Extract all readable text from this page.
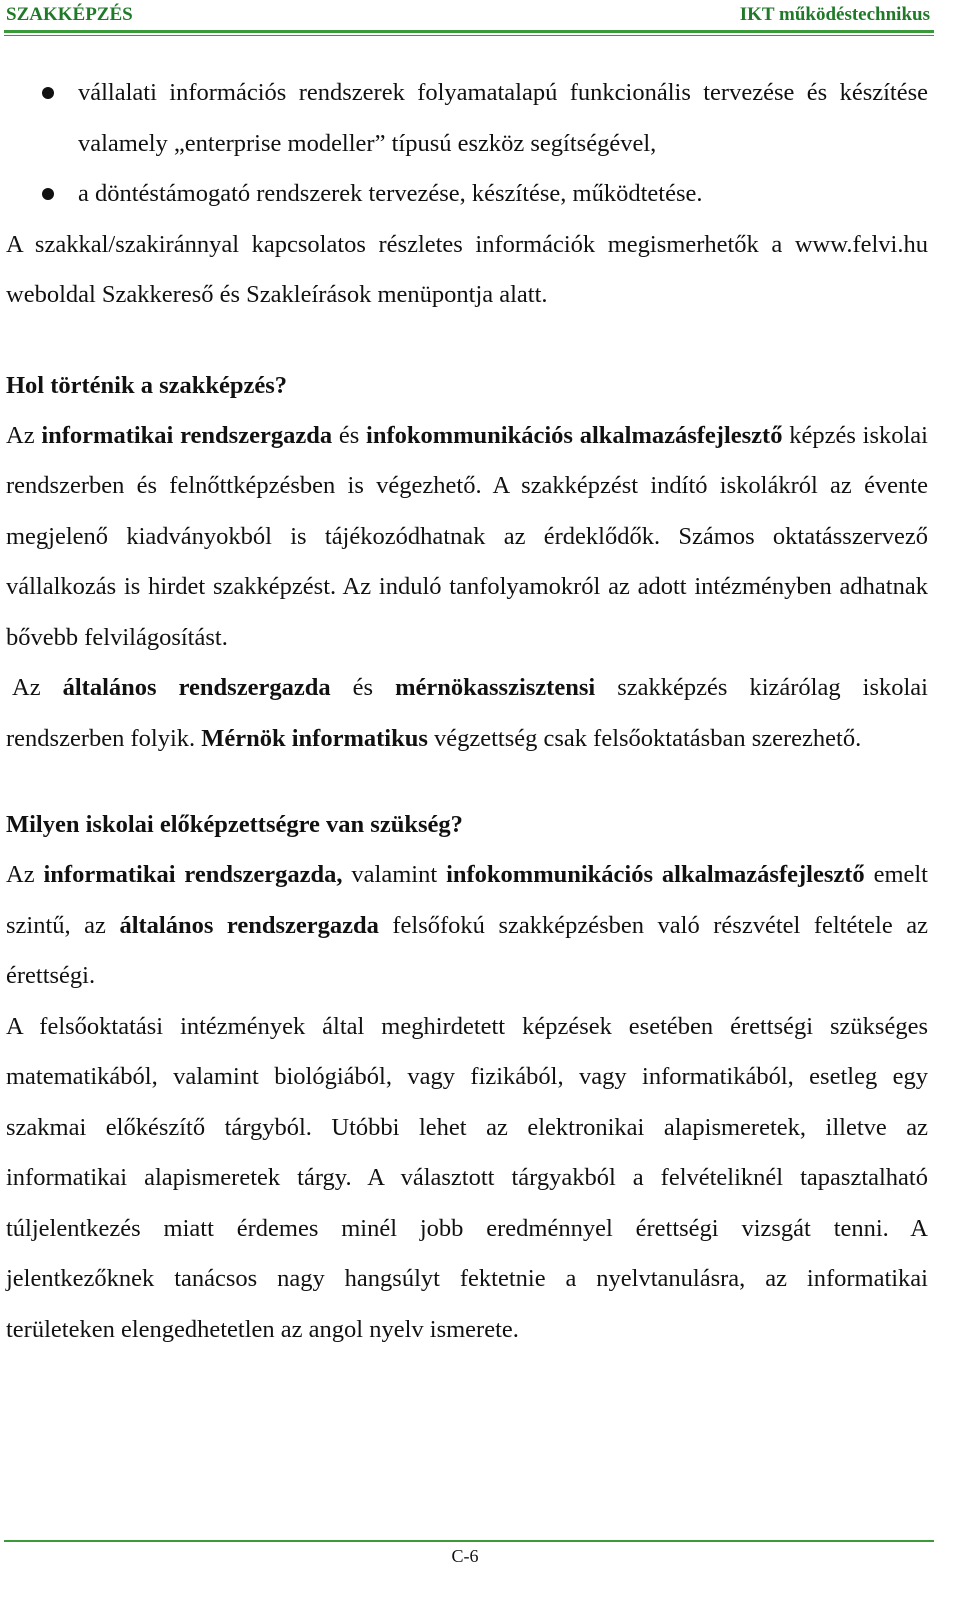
SZAKKÉPZÉS	IKT működéstechnikus
vállalati információs rendszerek folyamatalapú funkcionális tervezése és készítése valamely „enterprise modeller” típusú eszköz segítségével,
a döntéstámogató rendszerek tervezése, készítése, működtetése.

A szakkal/szakiránnyal kapcsolatos részletes információk megismerhetők a www.felvi.hu weboldal Szakkereső és Szakleírások menüpontja alatt.

Hol történik a szakképzés?

Az informatikai rendszergazda és infokommunikációs alkalmazásfejlesztő képzés iskolai rendszerben és felnőttképzésben is végezhető. A szakképzést indító iskolákról az évente megjelenő kiadványokból is tájékozódhatnak az érdeklődők. Számos oktatásszervező vállalkozás is hirdet szakképzést. Az induló tanfolyamokról az adott intézményben adhatnak bővebb felvilágosítást.

Az általános rendszergazda és mérnökasszisztensi szakképzés kizárólag iskolai rendszerben folyik. Mérnök informatikus végzettség csak felsőoktatásban szerezhető.

Milyen iskolai előképzettségre van szükség?

Az informatikai rendszergazda, valamint infokommunikációs alkalmazásfejlesztő emelt szintű, az általános rendszergazda felsőfokú szakképzésben való részvétel feltétele az érettségi.

A felsőoktatási intézmények által meghirdetett képzések esetében érettségi szükséges matematikából, valamint biológiából, vagy fizikából, vagy informatikából, esetleg egy szakmai előkészítő tárgyból. Utóbbi lehet az elektronikai alapismeretek, illetve az informatikai alapismeretek tárgy. A választott tárgyakból a felvételiknél tapasztalható túljelentkezés miatt érdemes minél jobb eredménnyel érettségi vizsgát tenni. A jelentkezőknek tanácsos nagy hangsúlyt fektetnie a nyelvtanulásra, az informatikai területeken elengedhetetlen az angol nyelv ismerete.

C-6
